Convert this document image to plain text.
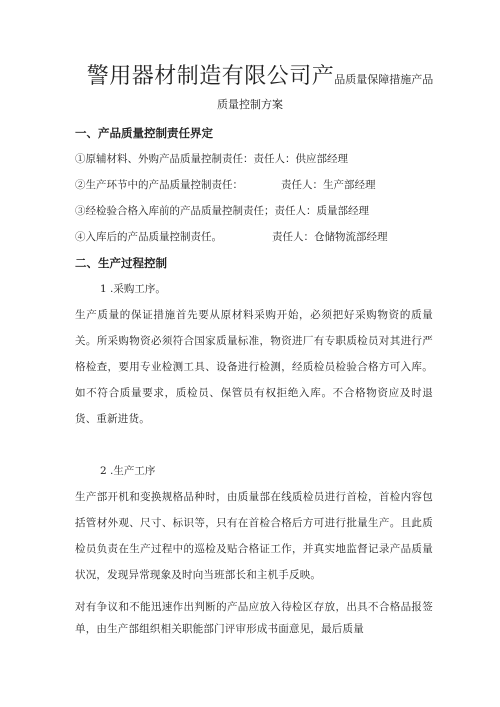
警用器材制造有限公司产品质量保障措施产品
质量控制方案
一、产品质量控制责任界定
①原辅材料、外购产品质量控制责任：责任人：供应部经理
②生产环节中的产品质量控制责任：	责任人：生产部经理
③经检验合格入库前的产品质量控制责任；责任人：质量部经理
④入库后的产品质量控制责任。	责任人：仓储物流部经理
二、生产过程控制
1 .采购工序。
生产质量的保证措施首先要从原材料采购开始，必须把好采购物资的质量关。所采购物资必须符合国家质量标准，物资进厂有专职质检员对其进行严格检查，要用专业检测工具、设备进行检测，经质检员检验合格方可入库。如不符合质量要求，质检员、保管员有权拒绝入库。不合格物资应及时退货、重新进货。
2 .生产工序
生产部开机和变换规格品种时，由质量部在线质检员进行首检，首检内容包括管材外观、尺寸、标识等，只有在首检合格后方可进行批量生产。且此质检员负责在生产过程中的巡检及贴合格证工作，并真实地监督记录产品质量状况，发现异常现象及时向当班部长和主机手反映。
对有争议和不能迅速作出判断的产品应放入待检区存放，出具不合格品报签单，由生产部组织相关职能部门评审形成书面意见，最后质量
